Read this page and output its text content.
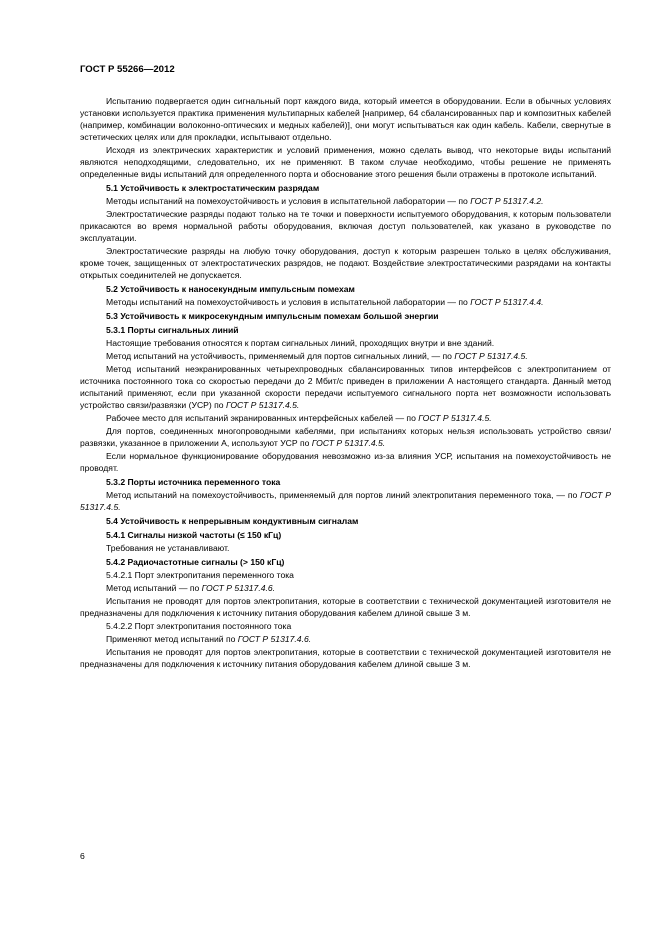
ГОСТ Р 55266—2012

Испытанию подвергается один сигнальный порт каждого вида, который имеется в оборудовании. Если в обычных условиях установки используется практика применения мультипарных кабелей [например, 64 сбалансированных пар и композитных кабелей (например, комбинации волоконно-оптических и медных кабелей)], они могут испытываться как один кабель. Кабели, свернутые в эстетических целях или для прокладки, испытывают отдельно.

Исходя из электрических характеристик и условий применения, можно сделать вывод, что некоторые виды испытаний являются неподходящими, следовательно, их не применяют. В таком случае необходимо, чтобы решение не применять определенные виды испытаний для определенного порта и обоснование этого решения были отражены в протоколе испытаний.

5.1 Устойчивость к электростатическим разрядам

Методы испытаний на помехоустойчивость и условия в испытательной лаборатории — по ГОСТ Р 51317.4.2.

Электростатические разряды подают только на те точки и поверхности испытуемого оборудования, к которым пользователи прикасаются во время нормальной работы оборудования, включая доступ пользователей, как указано в руководстве по эксплуатации.

Электростатические разряды на любую точку оборудования, доступ к которым разрешен только в целях обслуживания, кроме точек, защищенных от электростатических разрядов, не подают. Воздействие электростатическими разрядами на контакты открытых соединителей не допускается.

5.2 Устойчивость к наносекундным импульсным помехам

Методы испытаний на помехоустойчивость и условия в испытательной лаборатории — по ГОСТ Р 51317.4.4.

5.3 Устойчивость к микросекундным импульсным помехам большой энергии

5.3.1 Порты сигнальных линий

Настоящие требования относятся к портам сигнальных линий, проходящих внутри и вне зданий.

Метод испытаний на устойчивость, применяемый для портов сигнальных линий, — по ГОСТ Р 51317.4.5.

Метод испытаний неэкранированных четырехпроводных сбалансированных типов интерфейсов с электропитанием от источника постоянного тока со скоростью передачи до 2 Мбит/с приведен в приложении А настоящего стандарта. Данный метод испытаний применяют, если при указанной скорости передачи испытуемого сигнального порта нет возможности использовать устройство связи/развязки (УСР) по ГОСТ Р 51317.4.5.

Рабочее место для испытаний экранированных интерфейсных кабелей — по ГОСТ Р 51317.4.5.

Для портов, соединенных многопроводными кабелями, при испытаниях которых нельзя использовать устройство связи/развязки, указанное в приложении А, используют УСР по ГОСТ Р 51317.4.5.

Если нормальное функционирование оборудования невозможно из-за влияния УСР, испытания на помехоустойчивость не проводят.

5.3.2 Порты источника переменного тока

Метод испытаний на помехоустойчивость, применяемый для портов линий электропитания переменного тока, — по ГОСТ Р 51317.4.5.

5.4 Устойчивость к непрерывным кондуктивным сигналам

5.4.1 Сигналы низкой частоты (≤ 150 кГц)

Требования не устанавливают.

5.4.2 Радиочастотные сигналы (> 150 кГц)

5.4.2.1 Порт электропитания переменного тока

Метод испытаний — по ГОСТ Р 51317.4.6.

Испытания не проводят для портов электропитания, которые в соответствии с технической документацией изготовителя не предназначены для подключения к источнику питания оборудования кабелем длиной свыше 3 м.

5.4.2.2 Порт электропитания постоянного тока

Применяют метод испытаний по ГОСТ Р 51317.4.6.

Испытания не проводят для портов электропитания, которые в соответствии с технической документацией изготовителя не предназначены для подключения к источнику питания оборудования кабелем длиной свыше 3 м.

6
